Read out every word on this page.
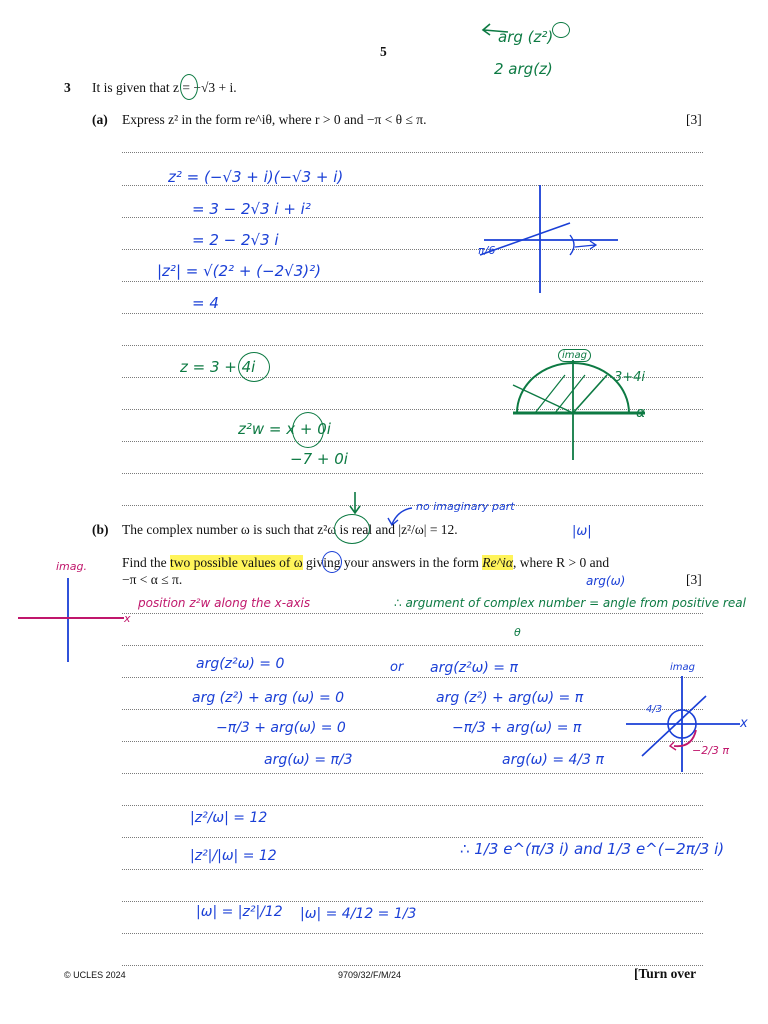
5
arg (z²)
2 arg(z)
3 It is given that z = −√3 + i.
(a) Express z² in the form re^iθ, where r > 0 and −π < θ ≤ π.	[3]
z² = (−√3 + i)(−√3 + i)
= 3 − 2√3 i + i²
= 2 − 2√3 i
|z²| = √(2² + (−2√3)²)
= 4
π/6
z = 3 + 4i
imag
3+4i
α
z²w = x + 0i
−7 + 0i
no imaginary part
(b) The complex number ω is such that z²ω is real and |z²/ω| = 12.
Find the two possible values of ω giving your answers in the form Re^iα, where R > 0 and
−π < α ≤ π.	[3]
|ω|
arg(ω)
imag.
x
position z²w along the x-axis	∴ argument of complex number = angle from positive real
θ
arg(z²ω) = 0
arg (z²) + arg (ω) = 0
−π/3 + arg(ω) = 0
arg(ω) = π/3
or arg(z²ω) = π
arg (z²) + arg(ω) = π
−π/3 + arg(ω) = π
arg(ω) = 4/3 π
imag
x
4/3
−2/3 π
|z²/ω| = 12
|z²|/|ω| = 12
|ω| = |z²|/12 |ω| = 4/12 = 1/3
∴ 1/3 e^(π/3 i) and 1/3 e^(−2π/3 i)
© UCLES 2024	9709/32/F/M/24	[Turn over
